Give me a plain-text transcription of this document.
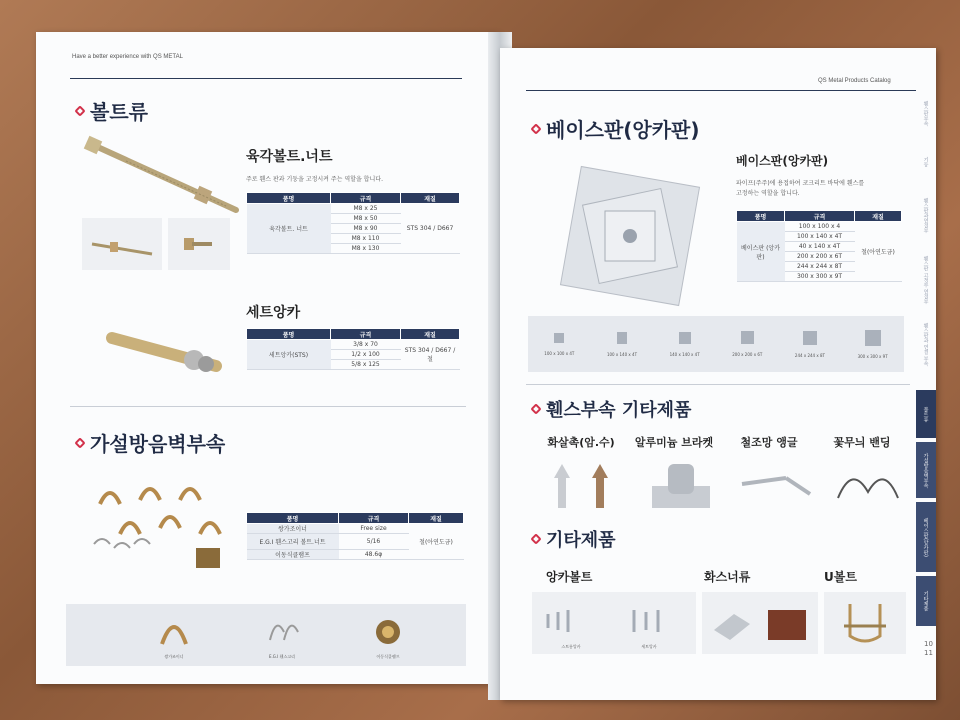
Have a better experience with QS METAL
볼트류
육각볼트.너트
주로 휀스 판과 기둥을 고정시켜 주는 역할을 합니다.
품명	규격	재질
육각볼트. 너트	M8 x 25	STS 304 / D667
	M8 x 50	
	M8 x 90	
	M8 x 110	
	M8 x 130	
세트앙카
품명	규격	재질
세트앙카(STS)	3/8 x 70	STS 304 / D667 / 철
	1/2 x 100	
	5/8 x 125	
가설방음벽부속
품명	규격	재질
쌍가조이너	Free size	철(아연도금)
E.G.I 휀스고리 볼트.너트	5/16	
이동식클램프	48.6φ	
쌍가조이너	E.G.I 휀스고리	이동식클램프
QS Metal Products Catalog
베이스판(앙카판)
베이스판(앙카판)
파이프(주주)에 용접하여 코크리트 바닥에 휀스를
고정하는 역할을 합니다.
품명	규격	재질
베이스판 (앙카판)	100 x 100 x 4	철(아연도금)
	100 x 140 x 4T	
	40 x 140 x 4T	
	200 x 200 x 6T	
	244 x 244 x 8T	
	300 x 300 x 9T	
100 x 100 x 4T	100 x 140 x 4T	140 x 140 x 4T	200 x 200 x 6T	244 x 244 x 8T	300 x 300 x 9T
휀스부속 기타제품
화살촉(암.수)	알루미늄 브라켓	철조망 앵글	꽃무늬 밴딩
기타제품
앙카볼트	화스너류	U볼트
스트롱앙카	세트앙카
휀스판부속
기둥
휀스판과연결부
휀스판 고정부 연결부
휀스판과 연결 부속
볼트류
가설방음벽부속
베이스판(앙카판)
기타제품
10
11
